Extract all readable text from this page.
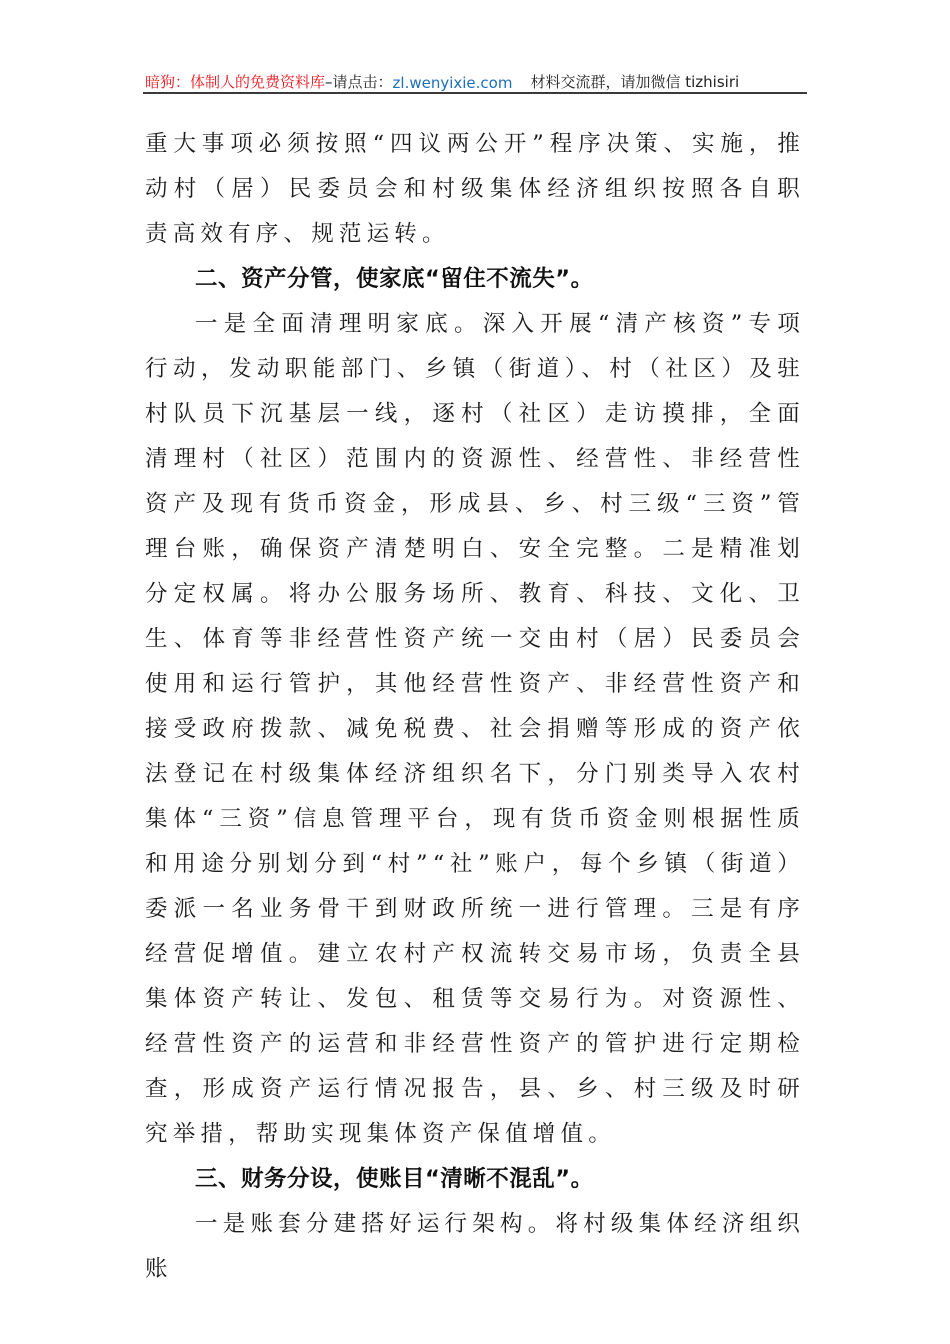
暗狗：体制人的免费资料库 –请点击： zl.wenyixie.com 材料交流群，请加微信 tizhisiri

重大事项必须按照“四议两公开”程序决策、实施，推动村（居）民委员会和村级集体经济组织按照各自职责高效有序、规范运转。

二、资产分管，使家底“留住不流失”。

一是全面清理明家底。深入开展“清产核资”专项行动，发动职能部门、乡镇（街道）、村（社区）及驻村队员下沉基层一线，逐村（社区）走访摸排，全面清理村（社区）范围内的资源性、经营性、非经营性资产及现有货币资金，形成县、乡、村三级“三资”管理台账，确保资产清楚明白、安全完整。二是精准划分定权属。将办公服务场所、教育、科技、文化、卫生、体育等非经营性资产统一交由村（居）民委员会使用和运行管护，其他经营性资产、非经营性资产和接受政府拨款、减免税费、社会捐赠等形成的资产依法登记在村级集体经济组织名下，分门别类导入农村集体“三资”信息管理平台，现有货币资金则根据性质和用途分别划分到“村”“社”账户，每个乡镇（街道）委派一名业务骨干到财政所统一进行管理。三是有序经营促增值。建立农村产权流转交易市场，负责全县集体资产转让、发包、租赁等交易行为。对资源性、经营性资产的运营和非经营性资产的管护进行定期检查，形成资产运行情况报告，县、乡、村三级及时研究举措，帮助实现集体资产保值增值。

三、财务分设，使账目“清晰不混乱”。

一是账套分建搭好运行架构。将村级集体经济组织账
